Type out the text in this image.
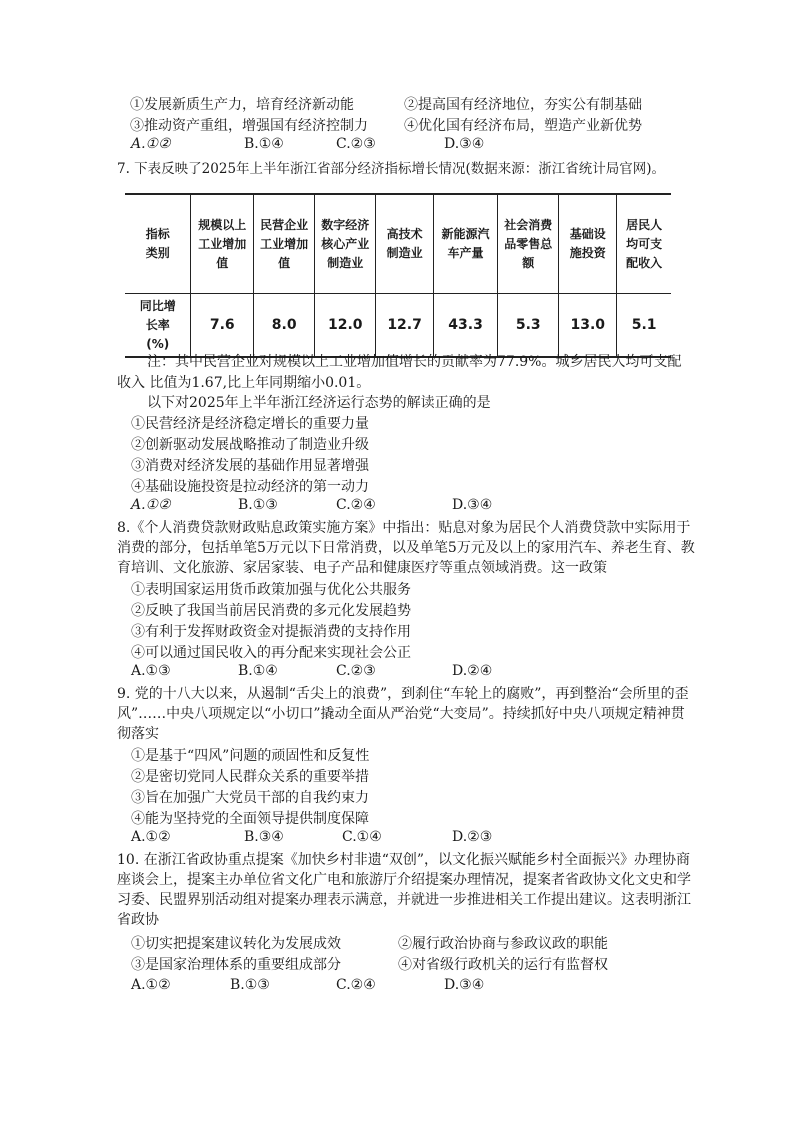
①发展新质生产力，培育经济新动能	②提高国有经济地位，夯实公有制基础
③推动资产重组，增强国有经济控制力	④优化国有经济布局，塑造产业新优势
A.①②	B.①④	C.②③	D.③④
7. 下表反映了2025年上半年浙江省部分经济指标增长情况(数据来源：浙江省统计局官网)。
指标类别	规模以上工业增加值	民营企业工业增加值	数字经济核心产业制造业	高技术制造业	新能源汽车产量	社会消费品零售总额	基础设施投资	居民人均可支配收入

同比增长率(%)	7.6	8.0	12.0	12.7	43.3	5.3	13.0	5.1
注：其中民营企业对规模以上工业增加值增长的贡献率为77.9%。城乡居民人均可支配
收入 比值为1.67,比上年同期缩小0.01。
以下对2025年上半年浙江经济运行态势的解读正确的是
①民营经济是经济稳定增长的重要力量
②创新驱动发展战略推动了制造业升级
③消费对经济发展的基础作用显著增强
④基础设施投资是拉动经济的第一动力
A.①②	B.①③	C.②④	D.③④
8.《个人消费贷款财政贴息政策实施方案》中指出：贴息对象为居民个人消费贷款中实际用于消费的部分，包括单笔5万元以下日常消费，以及单笔5万元及以上的家用汽车、养老生育、教育培训、文化旅游、家居家装、电子产品和健康医疗等重点领域消费。这一政策
①表明国家运用货币政策加强与优化公共服务
②反映了我国当前居民消费的多元化发展趋势
③有利于发挥财政资金对提振消费的支持作用
④可以通过国民收入的再分配来实现社会公正
A.①③	B.①④	C.②③	D.②④
9. 党的十八大以来，从遏制“舌尖上的浪费”，到刹住“车轮上的腐败”，再到整治“会所里的歪风”……中央八项规定以“小切口”撬动全面从严治党“大变局”。持续抓好中央八项规定精神贯彻落实
①是基于“四风”问题的顽固性和反复性
②是密切党同人民群众关系的重要举措
③旨在加强广大党员干部的自我约束力
④能为坚持党的全面领导提供制度保障
A.①②	B.③④	C.①④	D.②③
10. 在浙江省政协重点提案《加快乡村非遗“双创”，以文化振兴赋能乡村全面振兴》办理协商座谈会上，提案主办单位省文化广电和旅游厅介绍提案办理情况，提案者省政协文化文史和学习委、民盟界别活动组对提案办理表示满意，并就进一步推进相关工作提出建议。这表明浙江省政协
①切实把提案建议转化为发展成效	②履行政治协商与参政议政的职能
③是国家治理体系的重要组成部分	④对省级行政机关的运行有监督权
A.①②	B.①③	C.②④	D.③④
